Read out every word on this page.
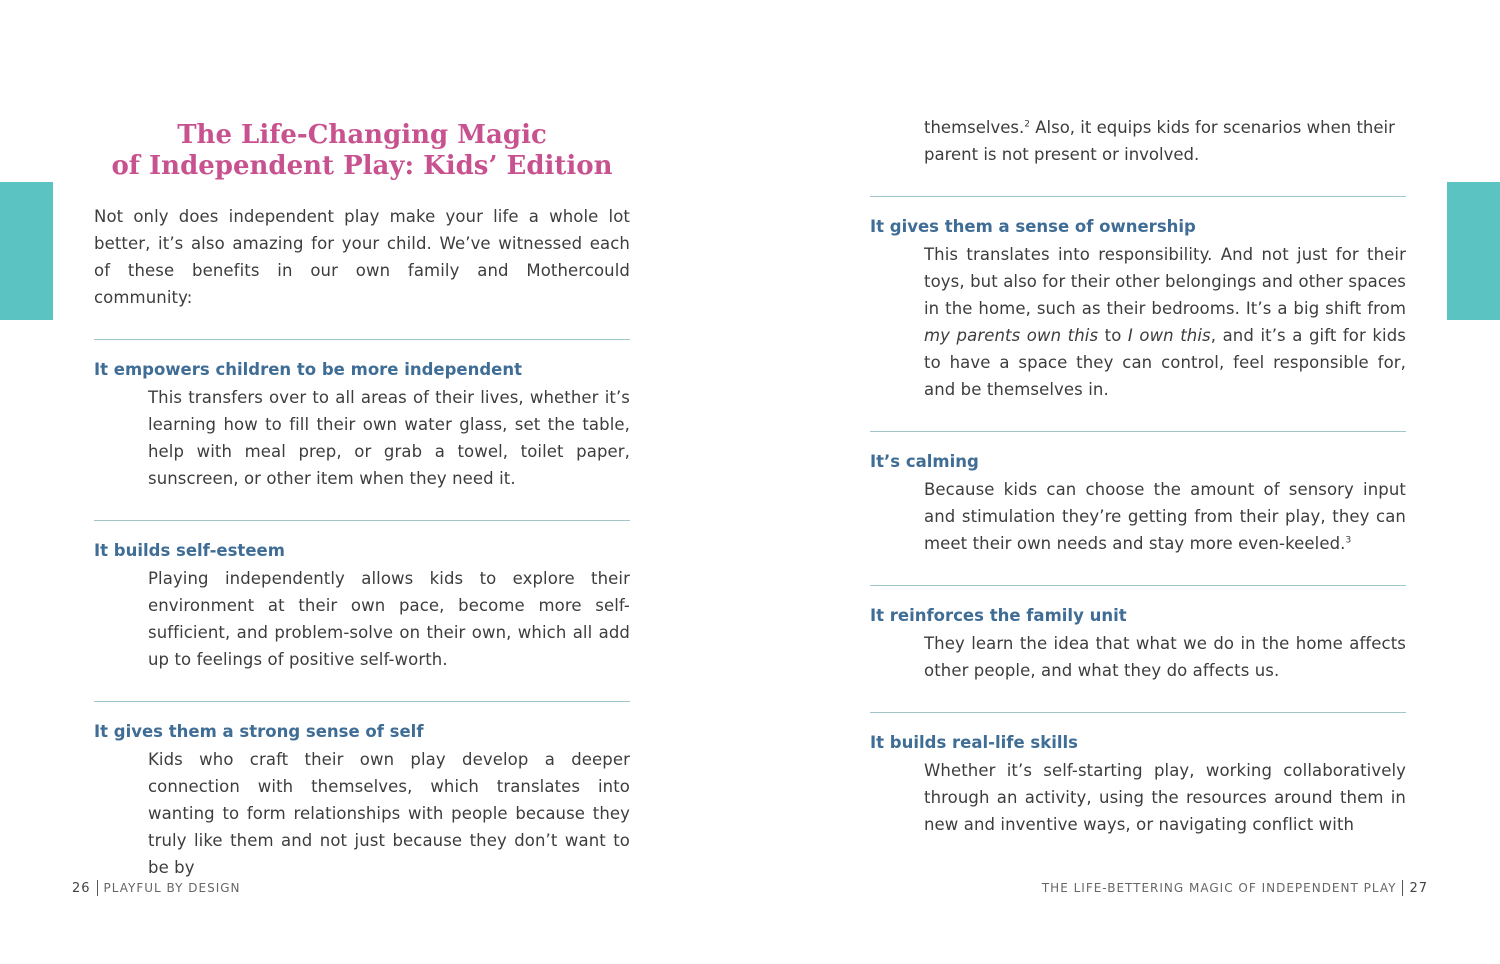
The Life-Changing Magic
of Independent Play: Kids’ Edition

Not only does independent play make your life a whole lot better, it’s also amazing for your child. We’ve witnessed each of these benefits in our own family and Mothercould community:

It empowers children to be more independent

This transfers over to all areas of their lives, whether it’s learning how to fill their own water glass, set the table, help with meal prep, or grab a towel, toilet paper, sunscreen, or other item when they need it.

It builds self-esteem

Playing independently allows kids to explore their environment at their own pace, become more self-sufficient, and problem-solve on their own, which all add up to feelings of positive self-worth.

It gives them a strong sense of self

Kids who craft their own play develop a deeper connection with themselves, which translates into wanting to form relationships with people because they truly like them and not just because they don’t want to be by

themselves.$^2$ Also, it equips kids for scenarios when their parent is not present or involved.

It gives them a sense of ownership

This translates into responsibility. And not just for their toys, but also for their other belongings and other spaces in the home, such as their bedrooms. It’s a big shift from my parents own this to I own this, and it’s a gift for kids to have a space they can control, feel responsible for, and be themselves in.

It’s calming

Because kids can choose the amount of sensory input and stimulation they’re getting from their play, they can meet their own needs and stay more even-keeled.$^3$

It reinforces the family unit

They learn the idea that what we do in the home affects other people, and what they do affects us.

It builds real-life skills

Whether it’s self-starting play, working collaboratively through an activity, using the resources around them in new and inventive ways, or navigating conflict with

26 PLAYFUL BY DESIGN	THE LIFE-BETTERING MAGIC OF INDEPENDENT PLAY 27
